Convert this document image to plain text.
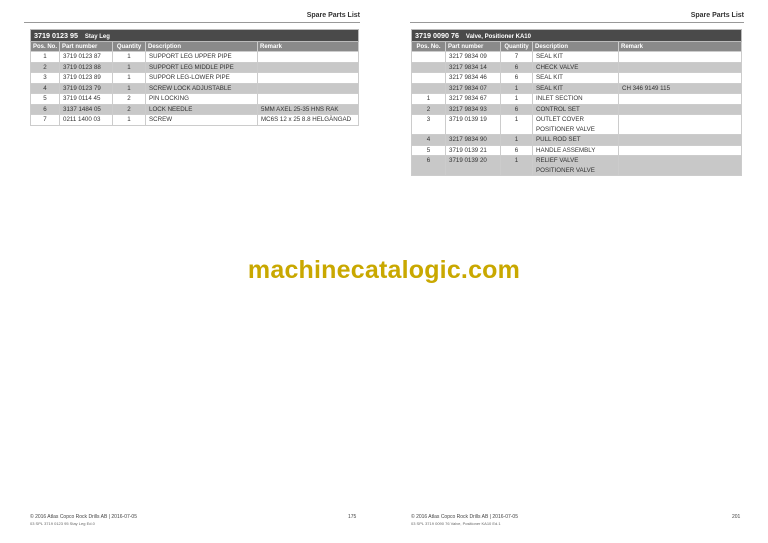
Spare Parts List
3719 0123 95 Stay Leg				
Pos. No.	Part number	Quantity	Description	Remark
1	3719 0123 87	1	SUPPORT LEG UPPER PIPE	
2	3719 0123 88	1	SUPPORT LEG MIDDLE PIPE	
3	3719 0123 89	1	SUPPOR LEG-LOWER PIPE	
4	3719 0123 79	1	SCREW LOCK ADJUSTABLE	
5	3719 0114 45	2	PIN LOCKING	
6	3137 1484 05	2	LOCK NEEDLE	5MM AXEL 25-35 HNS RAK
7	0211 1400 03	1	SCREW	MC6S 12 x 25 8.8 HELGÄNGAD
© 2016 Atlas Copco Rock Drills AB | 2016-07-05
03 SPL 3719 0123 95 Stay Leg Ed.0
175
Spare Parts List
3719 0090 76 Valve, Positioner KA10				
Pos. No.	Part number	Quantity	Description	Remark
	3217 9834 09	7	SEAL KIT	
	3217 9834 14	6	CHECK VALVE	
	3217 9834 46	6	SEAL KIT	
	3217 9834 07	1	SEAL KIT	CH 346 9149 115
1	3217 9834 67	1	INLET SECTION	
2	3217 9834 93	6	CONTROL SET	
3	3719 0139 19	1	OUTLET COVER POSITIONER VALVE	
4	3217 9834 90	1	PULL ROD SET	
5	3719 0139 21	6	HANDLE ASSEMBLY	
6	3719 0139 20	1	RELIEF VALVE POSITIONER VALVE	
© 2016 Atlas Copco Rock Drills AB | 2016-07-05
03 SPL 3719 0090 76 Valve, Positioner KA10 Ed.1
201
machinecatalogic.com
